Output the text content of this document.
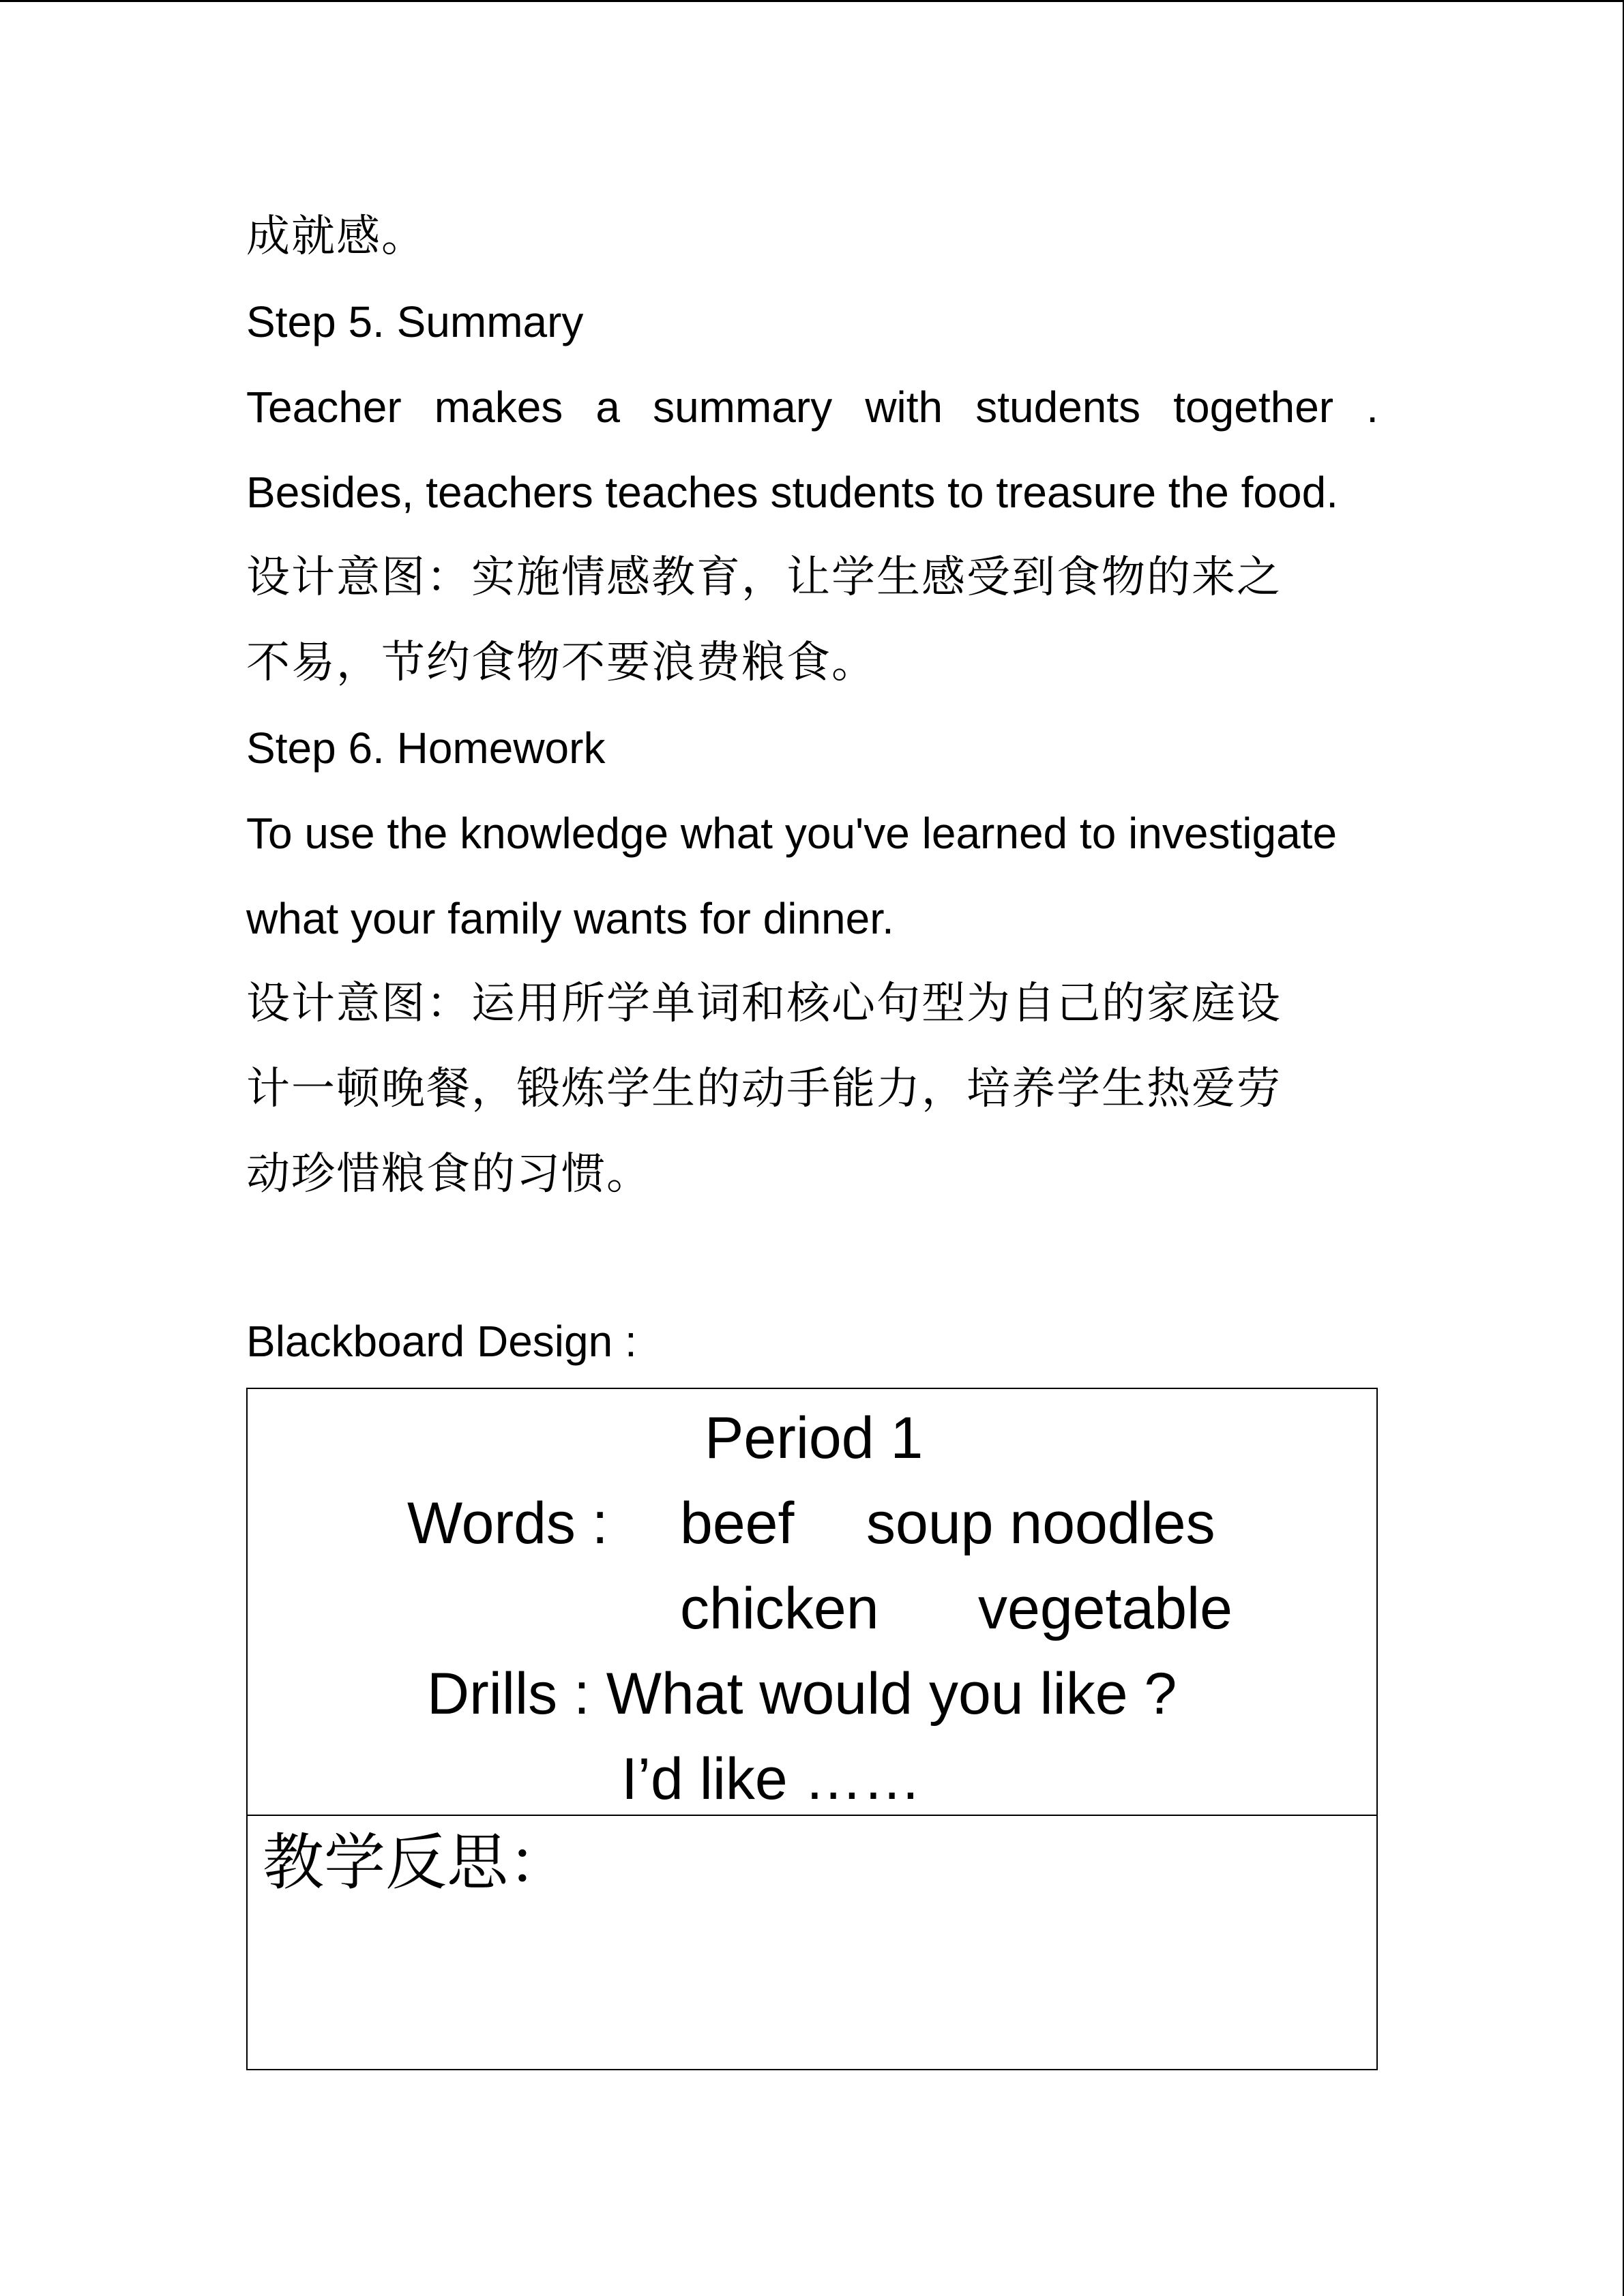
成就感。

Step 5. Summary

Teacher makes a summary with students together .

Besides, teachers teaches students to treasure the food.

设计意图：实施情感教育，让学生感受到食物的来之

不易，节约食物不要浪费粮食。

Step 6. Homework

To use the knowledge what you've learned to investigate

what your family wants for dinner.

设计意图：运用所学单词和核心句型为自己的家庭设

计一顿晚餐，锻炼学生的动手能力，培养学生热爱劳

动珍惜粮食的习惯。

Blackboard Design :

Period 1
Words : beef soup noodles
chicken vegetable
Drills : What would you like ?
I’d like ……
教学反思：
